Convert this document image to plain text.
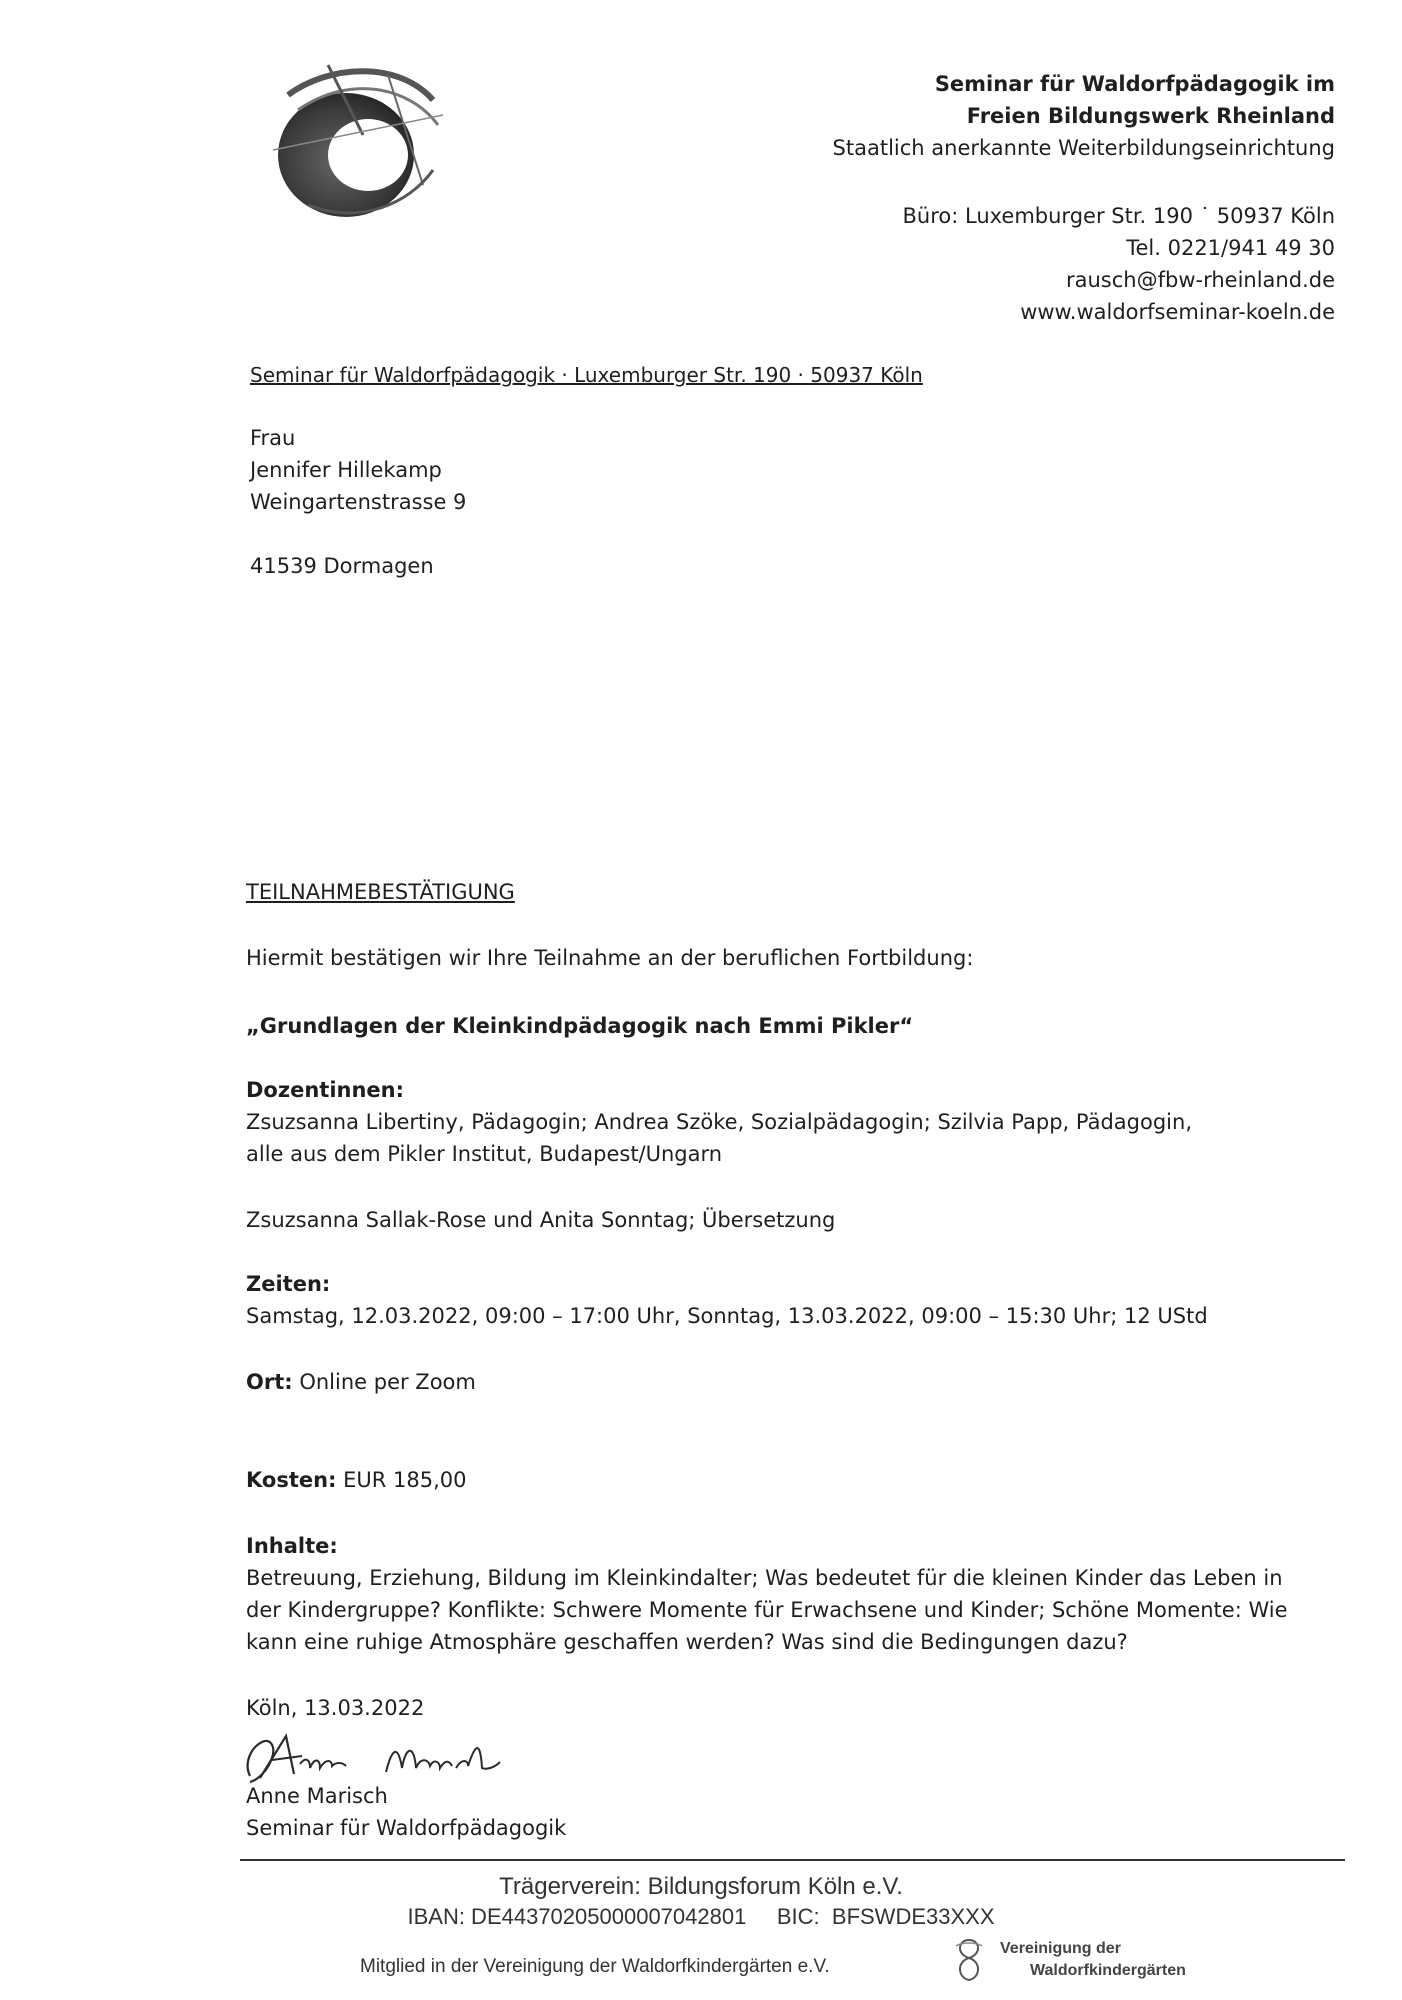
Seminar für Waldorfpädagogik im
Freien Bildungswerk Rheinland
Staatlich anerkannte Weiterbildungseinrichtung
Büro: Luxemburger Str. 190 ˙ 50937 Köln
Tel. 0221/941 49 30
rausch@fbw-rheinland.de
www.waldorfseminar-koeln.de
Seminar für Waldorfpädagogik · Luxemburger Str. 190 · 50937 Köln
Frau
Jennifer Hillekamp
Weingartenstrasse 9
41539 Dormagen
TEILNAHMEBESTÄTIGUNG
Hiermit bestätigen wir Ihre Teilnahme an der beruflichen Fortbildung:
„Grundlagen der Kleinkindpädagogik nach Emmi Pikler“
Dozentinnen:
Zsuzsanna Libertiny, Pädagogin; Andrea Szöke, Sozialpädagogin; Szilvia Papp, Pädagogin,
alle aus dem Pikler Institut, Budapest/Ungarn
Zsuzsanna Sallak-Rose und Anita Sonntag; Übersetzung
Zeiten:
Samstag, 12.03.2022, 09:00 – 17:00 Uhr, Sonntag, 13.03.2022, 09:00 – 15:30 Uhr; 12 UStd
Ort: Online per Zoom
Kosten: EUR 185,00
Inhalte:
Betreuung, Erziehung, Bildung im Kleinkindalter; Was bedeutet für die kleinen Kinder das Leben in
der Kindergruppe? Konflikte: Schwere Momente für Erwachsene und Kinder; Schöne Momente: Wie
kann eine ruhige Atmosphäre geschaffen werden? Was sind die Bedingungen dazu?
Köln, 13.03.2022
Anne Marisch
Seminar für Waldorfpädagogik
Trägerverein: Bildungsforum Köln e.V.
IBAN: DE44370205000007042801     BIC:  BFSWDE33XXX
Mitglied in der Vereinigung der Waldorfkindergärten e.V.
Vereinigung der
Waldorfkindergärten
